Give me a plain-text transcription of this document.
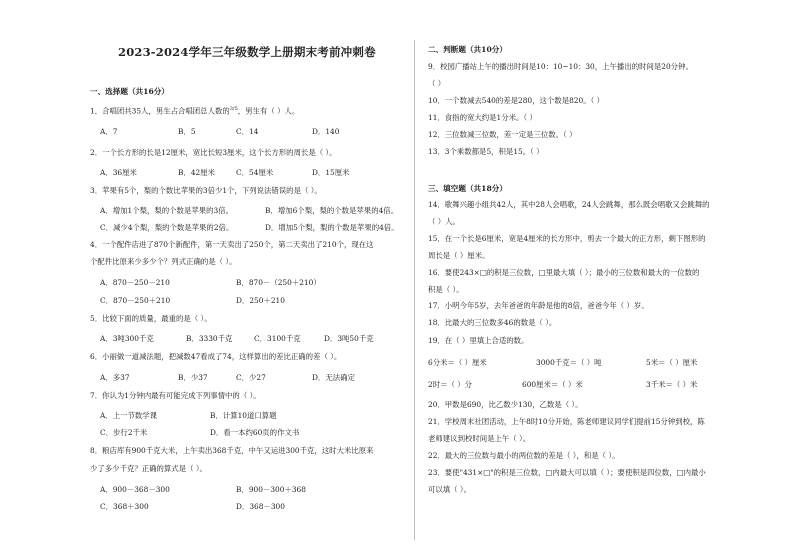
2023-2024学年三年级数学上册期末考前冲刺卷
一、选择题（共16分）
1．合唱团共35人，男生占合唱团总人数的$^{3/5}$，男生有（ ）人。
A．7	B．5	C．14	D．140
2．一个长方形的长是12厘米，宽比长短3厘米，这个长方形的周长是（ ）。
A．36厘米	B．42厘米	C．54厘米	D．15厘米
3．苹果有5个，梨的个数比苹果的3倍少1个，下列说法错误的是（ ）。
A．增加1个梨，梨的个数是苹果的3倍。	B．增加6个梨，梨的个数是苹果的4倍。
C．减少4个梨，梨的个数是苹果的2倍。	D．增加5个梨，梨的个数是苹果的4倍。
4．一个配件店进了870个新配件，第一天卖出了250个，第二天卖出了210个，现在这
个配件比原来少多少个？列式正确的是（ ）。
A．870－250－210	B．870－（250＋210）
C．870－250＋210	D．250＋210
5．比较下面的质量，最重的是（ ）。
A．3吨300千克	B．3330千克	C．3100千克	D．3吨50千克
6．小丽做一道减法题，把减数47看成了74，这样算出的差比正确的差（ ）。
A．多37	B．少37	C．少27	D．无法确定
7．你认为1分钟内最有可能完成下列事情中的（ ）。
A．上一节数学课	B．计算10道口算题
C．步行2千米	D．看一本约60页的作文书
8．粮店库有900千克大米，上午卖出368千克，中午又运进300千克，这时大米比原来
少了多少千克？正确的算式是（ ）。
A．900－368－300	B．900－300＋368
C．368＋300	D．368－300
二、判断题（共10分）
9．校园广播站上午的播出时间是10：10~10：30，上午播出的时间是20分钟。
（ ）
10．一个数减去540的差是280，这个数是820。（ ）
11．食指的宽大约是1分米。（ ）
12．三位数减三位数，差一定是三位数。（ ）
13．3个乘数都是5，积是15。（ ）
三、填空题（共18分）
14．歌舞兴趣小组共42人，其中28人会唱歌，24人会跳舞，那么既会唱歌又会跳舞的
（ ）人。
15．在一个长是6厘米，宽是4厘米的长方形中，剪去一个最大的正方形，剩下图形的
周长是（ ）厘米。
16．要使243×□的积是三位数，□里最大填（ ）；最小的三位数和最大的一位数的
积是（ ）。
17．小明今年5岁，去年爸爸的年龄是他的8倍，爸爸今年（ ）岁。
18．比最大的三位数多46的数是（ ）。
19．在（ ）里填上合适的数。
6分米＝（ ）厘米	3000千克＝（ ）吨	5米＝（ ）厘米
2时＝（ ）分	600厘米＝（ ）米	3千米＝（ ）米
20．甲数是690，比乙数少130，乙数是（ ）。
21．学校周末社团活动，上午8时10分开始，陈老师建议同学们提前15分钟到校，陈
老师建议到校时间是上午（ ）。
22．最大的三位数与最小的两位数的差是（ ），和是（ ）。
23．要使"431×□"的积是三位数，□内最大可以填（ ）；要使积是四位数，□内最小
可以填（ ）。
